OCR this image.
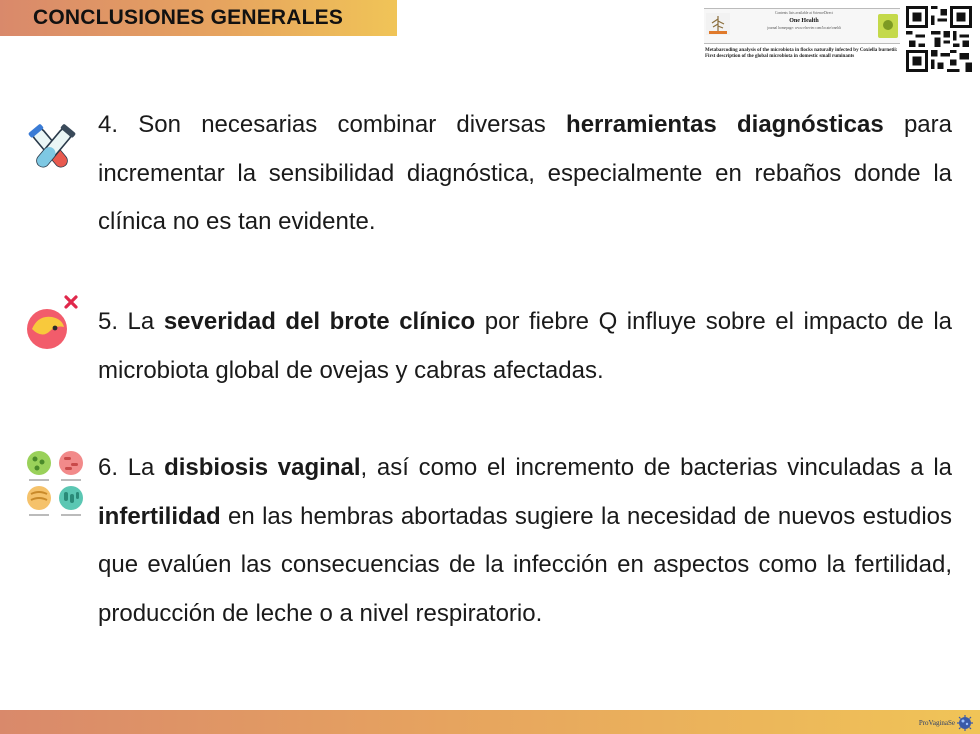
CONCLUSIONES GENERALES	Contents lists available at ScienceDirect
One Health
journal homepage: www.elsevier.com/locate/onehlt
Metabarcoding analysis of the microbiota in flocks naturally infected by Coxiella burnetii: First description of the global microbiota in domestic small ruminants
4. Son necesarias combinar diversas herramientas diagnósticas para incrementar la sensibilidad diagnóstica, especialmente en rebaños donde la clínica no es tan evidente.
5. La severidad del brote clínico por fiebre Q influye sobre el impacto de la microbiota global de ovejas y cabras afectadas.
6. La disbiosis vaginal, así como el incremento de bacterias vinculadas a la infertilidad en las hembras abortadas sugiere la necesidad de nuevos estudios que evalúen las consecuencias de la infección en aspectos como la fertilidad, producción de leche o a nivel respiratorio.
ProVaginaSe
